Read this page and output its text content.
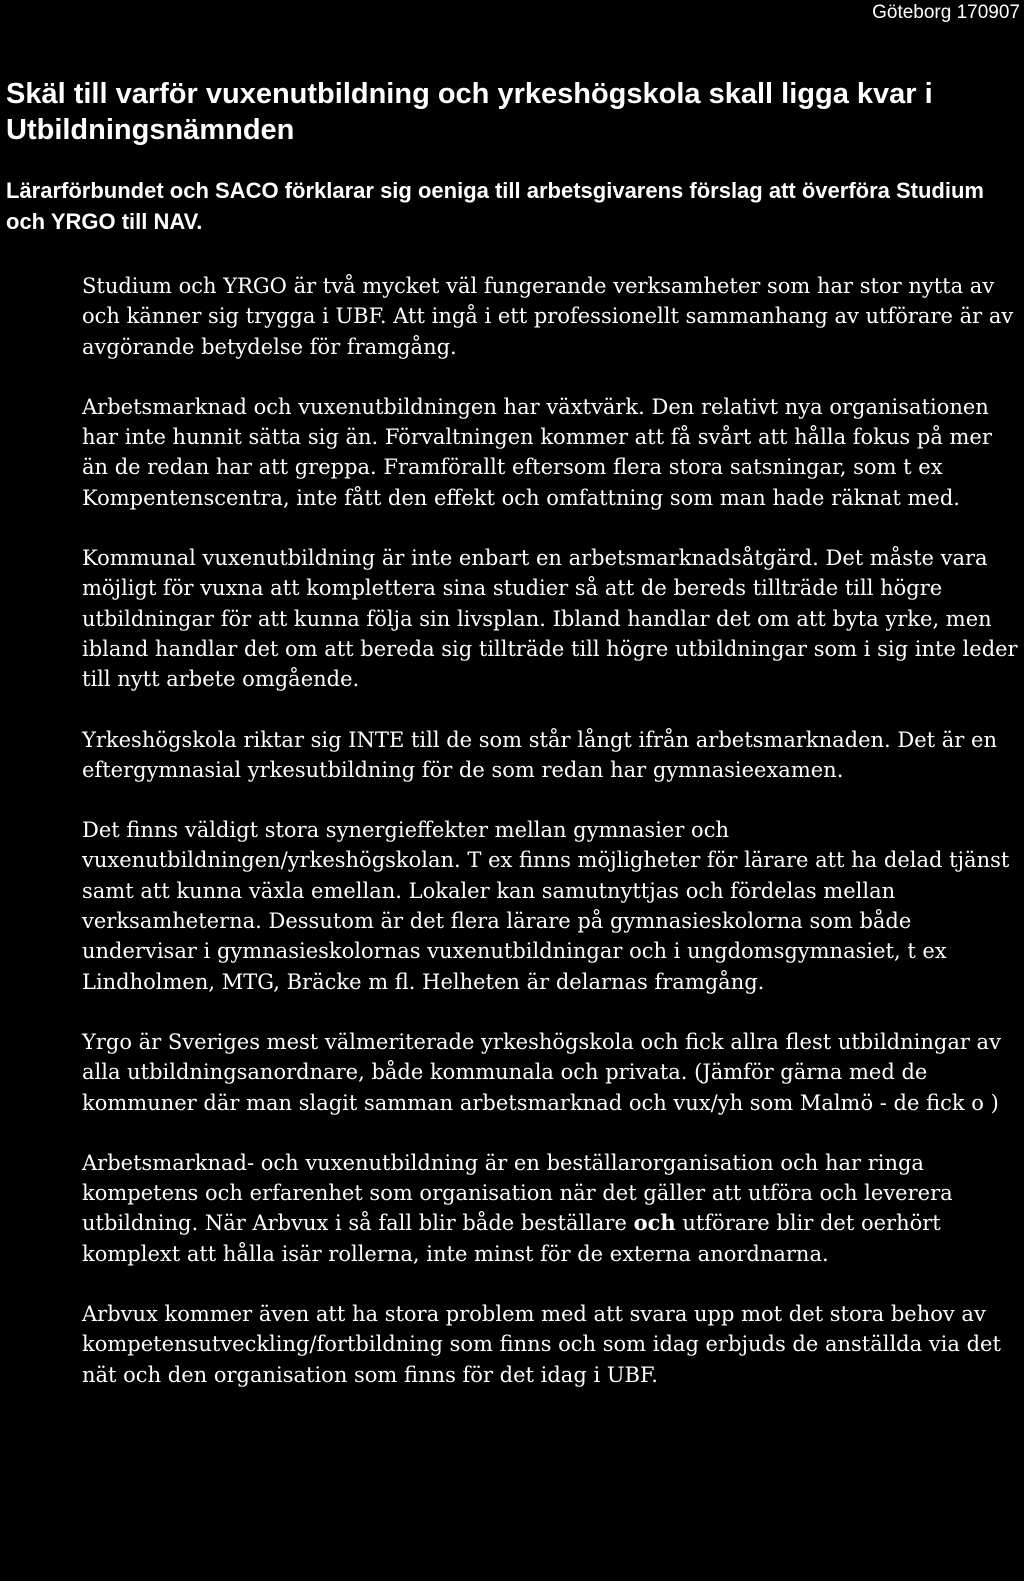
Göteborg 170907
Skäl till varför vuxenutbildning och yrkeshögskola skall ligga kvar i Utbildningsnämnden
Lärarförbundet och SACO förklarar sig oeniga till arbetsgivarens förslag att överföra Studium och YRGO till NAV.

Studium och YRGO är två mycket väl fungerande verksamheter som har stor nytta av och känner sig trygga i UBF. Att ingå i ett professionellt sammanhang av utförare är av avgörande betydelse för framgång.

Arbetsmarknad och vuxenutbildningen har växtvärk. Den relativt nya organisationen har inte hunnit sätta sig än. Förvaltningen kommer att få svårt att hålla fokus på mer än de redan har att greppa. Framförallt eftersom flera stora satsningar, som t ex Kompentenscentra, inte fått den effekt och omfattning som man hade räknat med.

Kommunal vuxenutbildning är inte enbart en arbetsmarknadsåtgärd. Det måste vara möjligt för vuxna att komplettera sina studier så att de bereds tillträde till högre utbildningar för att kunna följa sin livsplan. Ibland handlar det om att byta yrke, men ibland handlar det om att bereda sig tillträde till högre utbildningar som i sig inte leder till nytt arbete omgående.

Yrkeshögskola riktar sig INTE till de som står långt ifrån arbetsmarknaden. Det är en eftergymnasial yrkesutbildning för de som redan har gymnasieexamen.

Det finns väldigt stora synergieffekter mellan gymnasier och vuxenutbildningen/yrkeshögskolan. T ex finns möjligheter för lärare att ha delad tjänst samt att kunna växla emellan. Lokaler kan samutnyttjas och fördelas mellan verksamheterna. Dessutom är det flera lärare på gymnasieskolorna som både undervisar i gymnasieskolornas vuxenutbildningar och i ungdomsgymnasiet, t ex Lindholmen, MTG, Bräcke m fl. Helheten är delarnas framgång.

Yrgo är Sveriges mest välmeriterade yrkeshögskola och fick allra flest utbildningar av alla utbildningsanordnare, både kommunala och privata. (Jämför gärna med de kommuner där man slagit samman arbetsmarknad och vux/yh som Malmö - de fick o )

Arbetsmarknad- och vuxenutbildning är en beställarorganisation och har ringa kompetens och erfarenhet som organisation när det gäller att utföra och leverera utbildning. När Arbvux i så fall blir både beställare och utförare blir det oerhört komplext att hålla isär rollerna, inte minst för de externa anordnarna.

Arbvux kommer även att ha stora problem med att svara upp mot det stora behov av kompetensutveckling/fortbildning som finns och som idag erbjuds de anställda via det nät och den organisation som finns för det idag i UBF.
